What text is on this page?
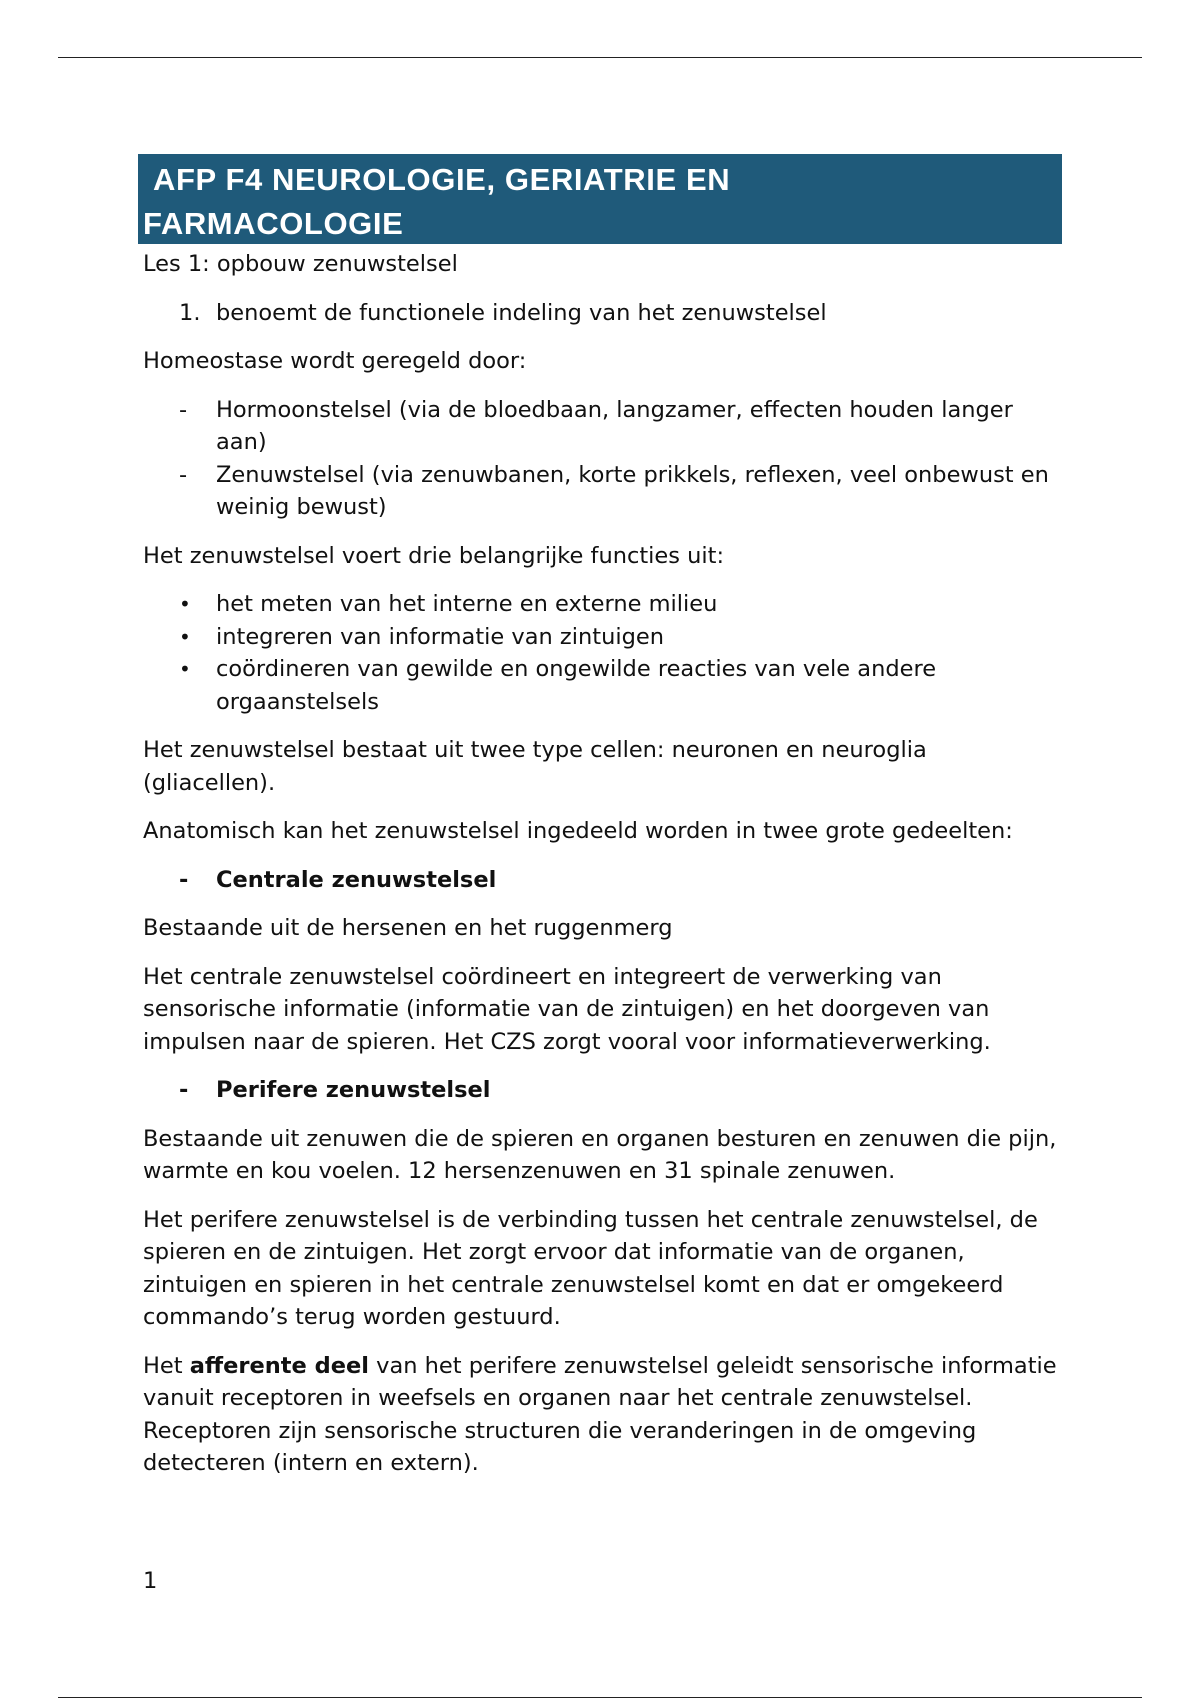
AFP F4 NEUROLOGIE, GERIATRIE EN
FARMACOLOGIE

Les 1: opbouw zenuwstelsel

1. benoemt de functionele indeling van het zenuwstelsel

Homeostase wordt geregeld door:

- Hormoonstelsel (via de bloedbaan, langzamer, effecten houden langer aan)
- Zenuwstelsel (via zenuwbanen, korte prikkels, reflexen, veel onbewust en weinig bewust)

Het zenuwstelsel voert drie belangrijke functies uit:

• het meten van het interne en externe milieu
• integreren van informatie van zintuigen
• coördineren van gewilde en ongewilde reacties van vele andere orgaanstelsels

Het zenuwstelsel bestaat uit twee type cellen: neuronen en neuroglia (gliacellen).

Anatomisch kan het zenuwstelsel ingedeeld worden in twee grote gedeelten:

- Centrale zenuwstelsel

Bestaande uit de hersenen en het ruggenmerg

Het centrale zenuwstelsel coördineert en integreert de verwerking van sensorische informatie (informatie van de zintuigen) en het doorgeven van impulsen naar de spieren. Het CZS zorgt vooral voor informatieverwerking.

- Perifere zenuwstelsel

Bestaande uit zenuwen die de spieren en organen besturen en zenuwen die pijn, warmte en kou voelen. 12 hersenzenuwen en 31 spinale zenuwen.

Het perifere zenuwstelsel is de verbinding tussen het centrale zenuwstelsel, de spieren en de zintuigen. Het zorgt ervoor dat informatie van de organen, zintuigen en spieren in het centrale zenuwstelsel komt en dat er omgekeerd commando’s terug worden gestuurd.

Het afferente deel van het perifere zenuwstelsel geleidt sensorische informatie vanuit receptoren in weefsels en organen naar het centrale zenuwstelsel. Receptoren zijn sensorische structuren die veranderingen in de omgeving detecteren (intern en extern).

1
